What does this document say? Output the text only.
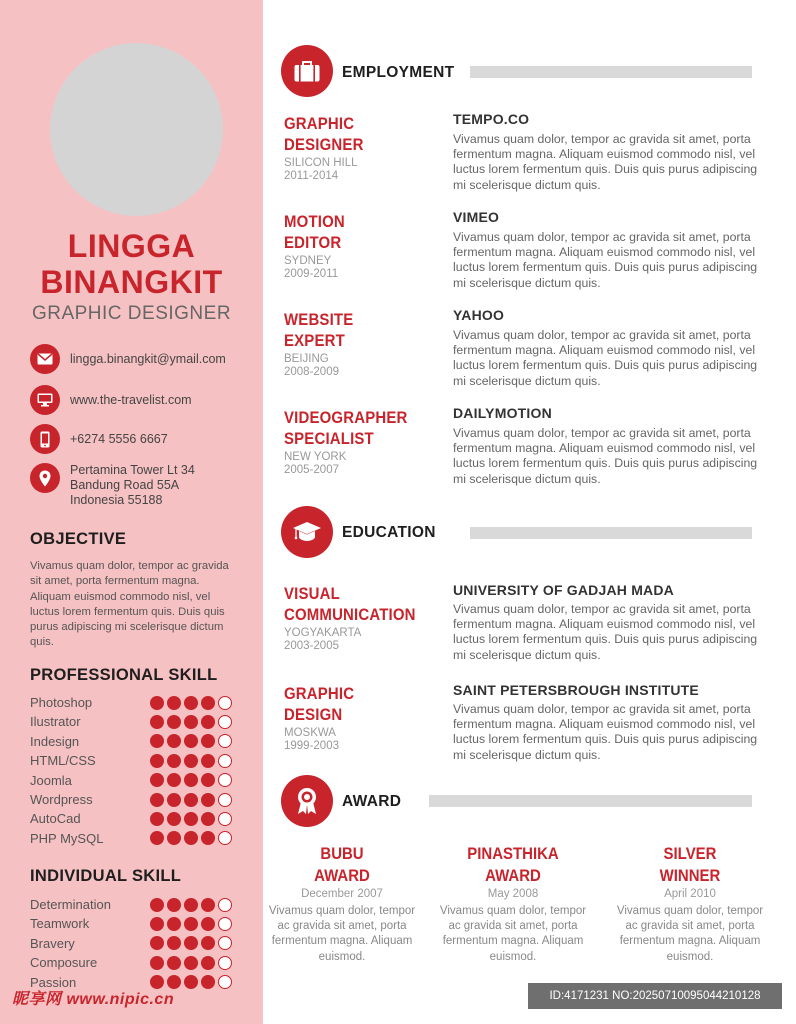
LINGGA
BINANGKIT
GRAPHIC DESIGNER
lingga.binangkit@ymail.com
www.the-travelist.com
+6274 5556 6667
Pertamina Tower Lt 34
Bandung Road 55A
Indonesia 55188
OBJECTIVE
Vivamus quam dolor, tempor ac gravida sit amet, porta fermentum magna. Aliquam euismod commodo nisl, vel luctus lorem fermentum quis. Duis quis purus adipiscing mi scelerisque dictum quis.
PROFESSIONAL SKILL
Photoshop
Ilustrator
Indesign
HTML/CSS
Joomla
Wordpress
AutoCad
PHP MySQL
INDIVIDUAL SKILL
Determination
Teamwork
Bravery
Composure
Passion
昵享网 www.nipic.cn
EMPLOYMENT
GRAPHIC
DESIGNER
SILICON HILL
2011-2014
TEMPO.CO
Vivamus quam dolor, tempor ac gravida sit amet, porta fermentum magna. Aliquam euismod commodo nisl, vel luctus lorem fermentum quis. Duis quis purus adipiscing mi scelerisque dictum quis.
MOTION
EDITOR
SYDNEY
2009-2011
VIMEO
Vivamus quam dolor, tempor ac gravida sit amet, porta fermentum magna. Aliquam euismod commodo nisl, vel luctus lorem fermentum quis. Duis quis purus adipiscing mi scelerisque dictum quis.
WEBSITE
EXPERT
BEIJING
2008-2009
YAHOO
Vivamus quam dolor, tempor ac gravida sit amet, porta fermentum magna. Aliquam euismod commodo nisl, vel luctus lorem fermentum quis. Duis quis purus adipiscing mi scelerisque dictum quis.
VIDEOGRAPHER
SPECIALIST
NEW YORK
2005-2007
DAILYMOTION
Vivamus quam dolor, tempor ac gravida sit amet, porta fermentum magna. Aliquam euismod commodo nisl, vel luctus lorem fermentum quis. Duis quis purus adipiscing mi scelerisque dictum quis.
EDUCATION
VISUAL
COMMUNICATION
YOGYAKARTA
2003-2005
UNIVERSITY OF GADJAH MADA
Vivamus quam dolor, tempor ac gravida sit amet, porta fermentum magna. Aliquam euismod commodo nisl, vel luctus lorem fermentum quis. Duis quis purus adipiscing mi scelerisque dictum quis.
GRAPHIC
DESIGN
MOSKWA
1999-2003
SAINT PETERSBROUGH INSTITUTE
Vivamus quam dolor, tempor ac gravida sit amet, porta fermentum magna. Aliquam euismod commodo nisl, vel luctus lorem fermentum quis. Duis quis purus adipiscing mi scelerisque dictum quis.
AWARD
BUBU
AWARD
December 2007
Vivamus quam dolor, tempor ac gravida sit amet, porta fermentum magna. Aliquam euismod.
PINASTHIKA
AWARD
May 2008
Vivamus quam dolor, tempor ac gravida sit amet, porta fermentum magna. Aliquam euismod.
SILVER
WINNER
April 2010
Vivamus quam dolor, tempor ac gravida sit amet, porta fermentum magna. Aliquam euismod.
ID:4171231 NO:20250710095044210128
